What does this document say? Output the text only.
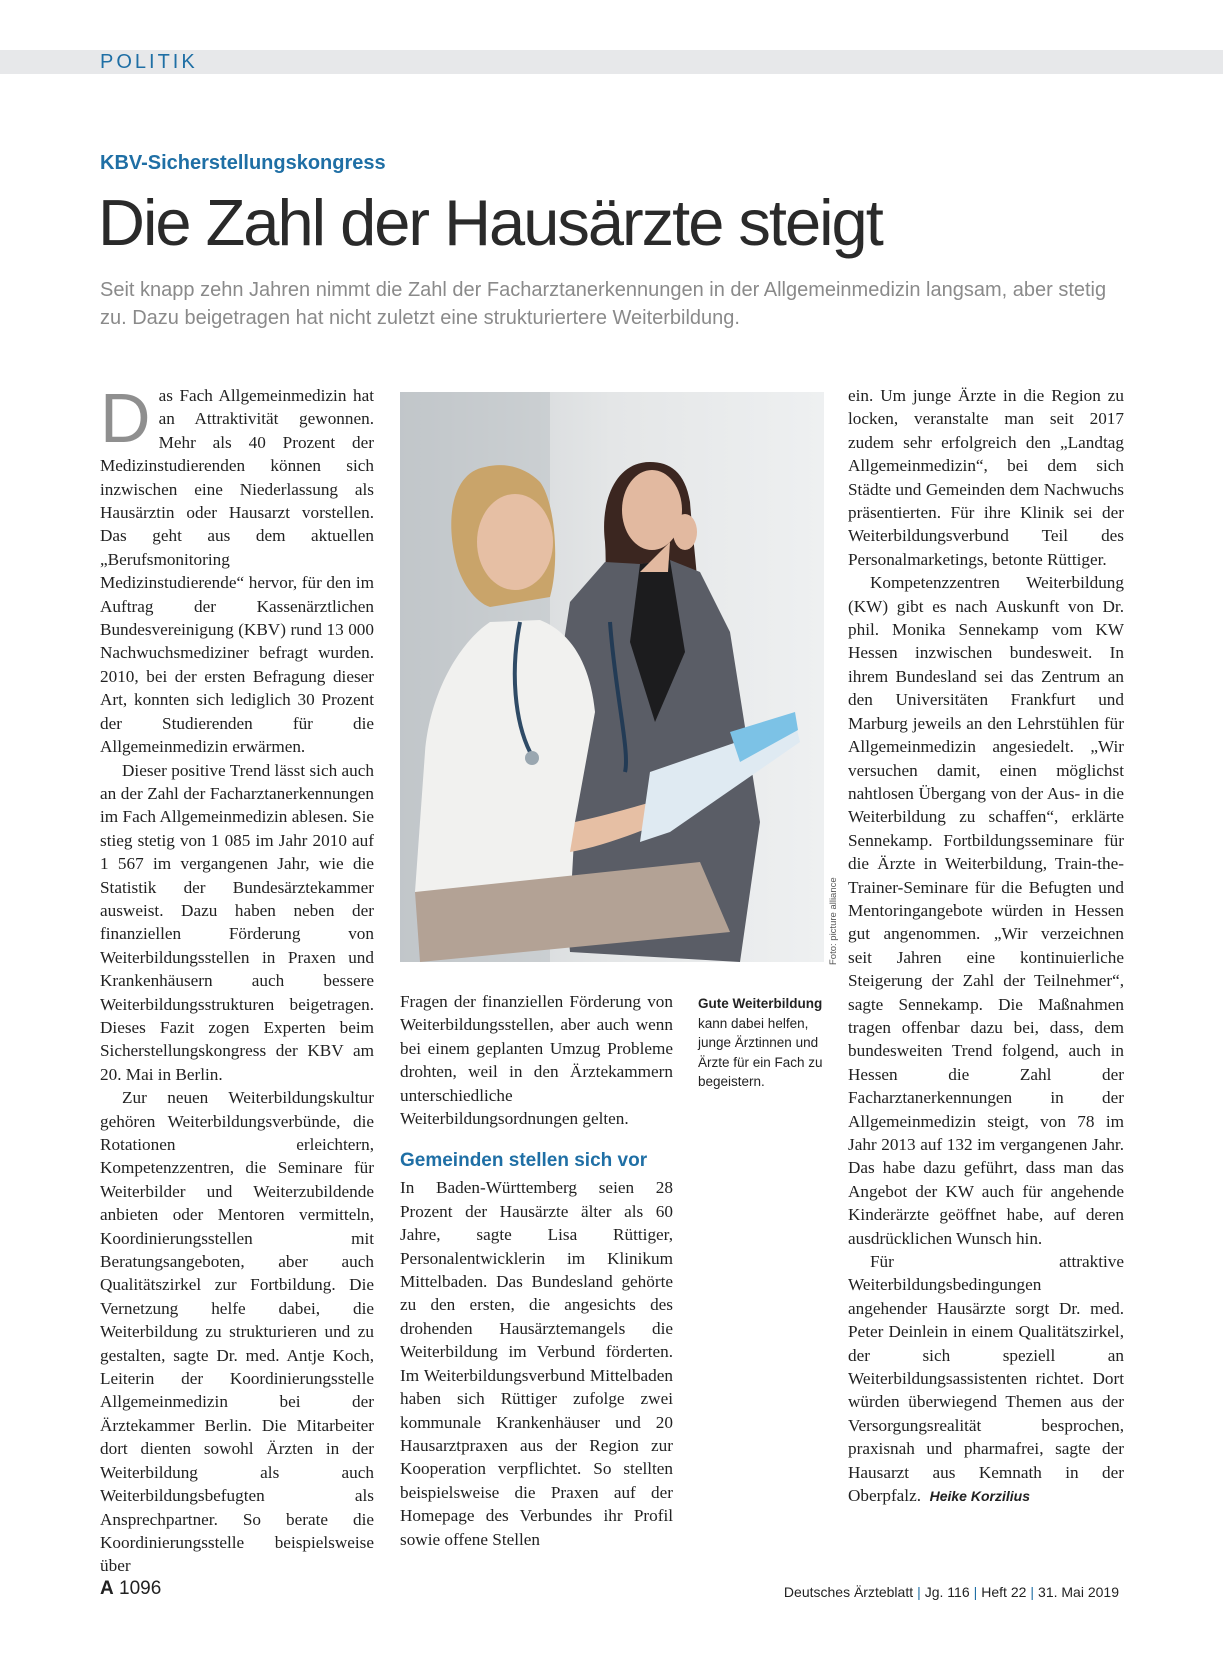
POLITIK
KBV-Sicherstellungskongress
Die Zahl der Hausärzte steigt

Seit knapp zehn Jahren nimmt die Zahl der Facharztanerkennungen in der Allgemeinmedizin langsam, aber stetig zu. Dazu beigetragen hat nicht zuletzt eine strukturiertere Weiterbildung.

Das Fach Allgemeinmedizin hat an Attraktivität gewonnen. Mehr als 40 Prozent der Medizinstudierenden können sich inzwischen eine Niederlassung als Hausärztin oder Hausarzt vorstellen. Das geht aus dem aktuellen „Berufsmonitoring Medizinstudierende“ hervor, für den im Auftrag der Kassenärztlichen Bundesvereinigung (KBV) rund 13 000 Nachwuchsmediziner befragt wurden. 2010, bei der ersten Befragung dieser Art, konnten sich lediglich 30 Prozent der Studierenden für die Allgemeinmedizin erwärmen.

Dieser positive Trend lässt sich auch an der Zahl der Facharztanerkennungen im Fach Allgemeinmedizin ablesen. Sie stieg stetig von 1 085 im Jahr 2010 auf 1 567 im vergangenen Jahr, wie die Statistik der Bundesärztekammer ausweist. Dazu haben neben der finanziellen Förderung von Weiterbildungsstellen in Praxen und Krankenhäusern auch bessere Weiterbildungsstrukturen beigetragen. Dieses Fazit zogen Experten beim Sicherstellungskongress der KBV am 20. Mai in Berlin.

Zur neuen Weiterbildungskultur gehören Weiterbildungsverbünde, die Rotationen erleichtern, Kompetenzzentren, die Seminare für Weiterbilder und Weiterzubildende anbieten oder Mentoren vermitteln, Koordinierungsstellen mit Beratungsangeboten, aber auch Qualitätszirkel zur Fortbildung. Die Vernetzung helfe dabei, die Weiterbildung zu strukturieren und zu gestalten, sagte Dr. med. Antje Koch, Leiterin der Koordinierungsstelle Allgemeinmedizin bei der Ärztekammer Berlin. Die Mitarbeiter dort dienten sowohl Ärzten in der Weiterbildung als auch Weiterbildungsbefugten als Ansprechpartner. So berate die Koordinierungsstelle beispielsweise über

Foto: picture alliance
Gute Weiterbildung kann dabei helfen, junge Ärztinnen und Ärzte für ein Fach zu begeistern.

Fragen der finanziellen Förderung von Weiterbildungsstellen, aber auch wenn bei einem geplanten Umzug Probleme drohten, weil in den Ärztekammern unterschiedliche Weiterbildungsordnungen gelten.

Gemeinden stellen sich vor

In Baden-Württemberg seien 28 Prozent der Hausärzte älter als 60 Jahre, sagte Lisa Rüttiger, Personalentwicklerin im Klinikum Mittelbaden. Das Bundesland gehörte zu den ersten, die angesichts des drohenden Hausärztemangels die Weiterbildung im Verbund förderten. Im Weiterbildungsverbund Mittelbaden haben sich Rüttiger zufolge zwei kommunale Krankenhäuser und 20 Hausarztpraxen aus der Region zur Kooperation verpflichtet. So stellten beispielsweise die Praxen auf der Homepage des Verbundes ihr Profil sowie offene Stellen

ein. Um junge Ärzte in die Region zu locken, veranstalte man seit 2017 zudem sehr erfolgreich den „Landtag Allgemeinmedizin“, bei dem sich Städte und Gemeinden dem Nachwuchs präsentierten. Für ihre Klinik sei der Weiterbildungsverbund Teil des Personalmarketings, betonte Rüttiger.

Kompetenzzentren Weiterbildung (KW) gibt es nach Auskunft von Dr. phil. Monika Sennekamp vom KW Hessen inzwischen bundesweit. In ihrem Bundesland sei das Zentrum an den Universitäten Frankfurt und Marburg jeweils an den Lehrstühlen für Allgemeinmedizin angesiedelt. „Wir versuchen damit, einen möglichst nahtlosen Übergang von der Aus- in die Weiterbildung zu schaffen“, erklärte Sennekamp. Fortbildungsseminare für die Ärzte in Weiterbildung, Train-the-Trainer-Seminare für die Befugten und Mentoringangebote würden in Hessen gut angenommen. „Wir verzeichnen seit Jahren eine kontinuierliche Steigerung der Zahl der Teilnehmer“, sagte Sennekamp. Die Maßnahmen tragen offenbar dazu bei, dass, dem bundesweiten Trend folgend, auch in Hessen die Zahl der Facharztanerkennungen in der Allgemeinmedizin steigt, von 78 im Jahr 2013 auf 132 im vergangenen Jahr. Das habe dazu geführt, dass man das Angebot der KW auch für angehende Kinderärzte geöffnet habe, auf deren ausdrücklichen Wunsch hin.

Für attraktive Weiterbildungsbedingungen angehender Hausärzte sorgt Dr. med. Peter Deinlein in einem Qualitätszirkel, der sich speziell an Weiterbildungsassistenten richtet. Dort würden überwiegend Themen aus der Versorgungsrealität besprochen, praxisnah und pharmafrei, sagte der Hausarzt aus Kemnath in der Oberpfalz. Heike Korzilius

A 1096	Deutsches Ärzteblatt | Jg. 116 | Heft 22 | 31. Mai 2019
